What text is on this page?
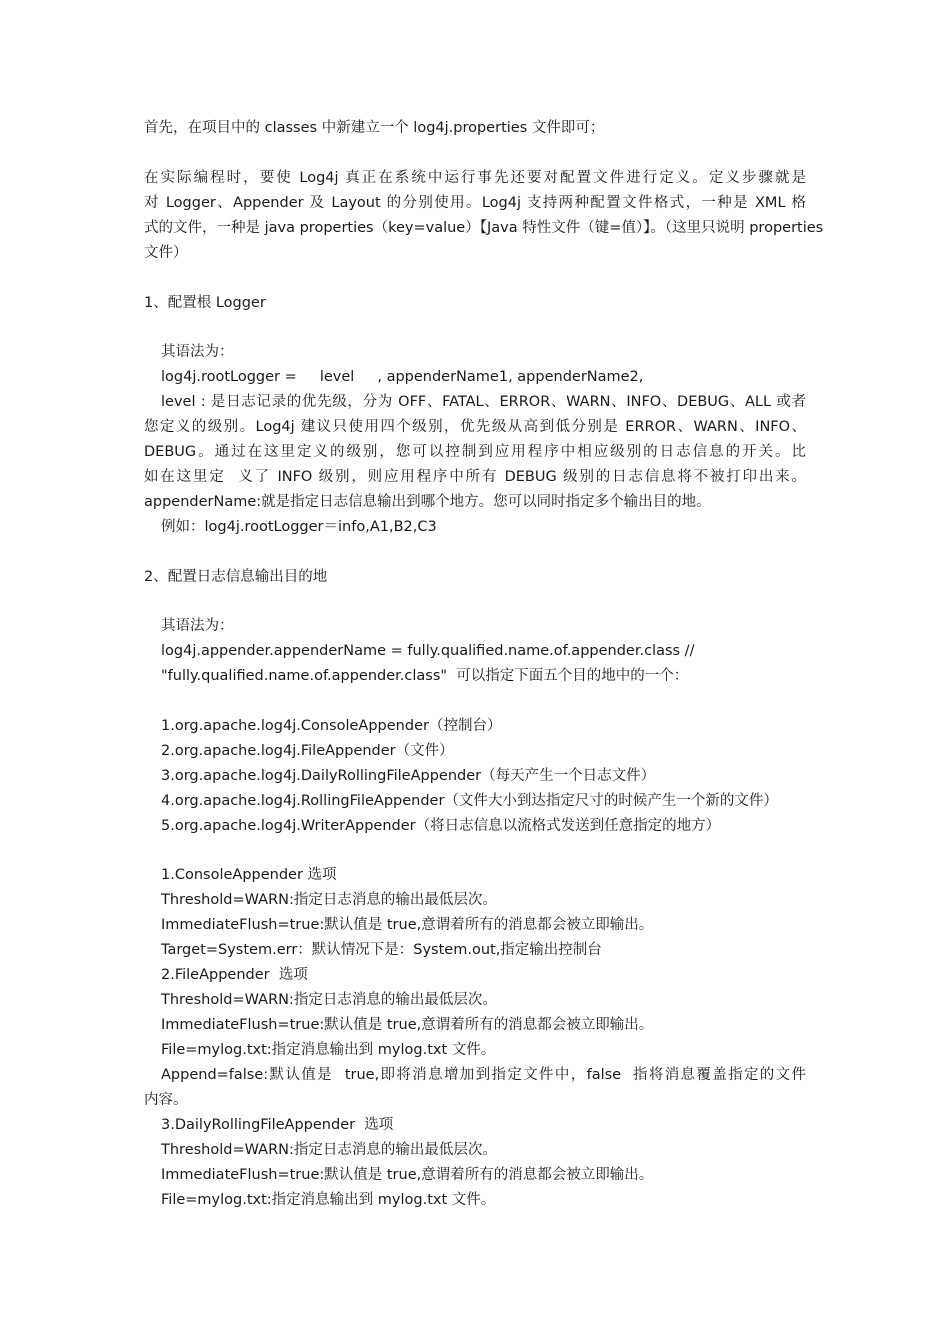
首先，在项目中的 classes 中新建立一个 log4j.properties 文件即可；
在实际编程时，要使 Log4j 真正在系统中运行事先还要对配置文件进行定义。定义步骤就是
对 Logger、Appender 及 Layout 的分别使用。Log4j 支持两种配置文件格式，一种是 XML 格
式的文件，一种是 java properties（key=value）【Java 特性文件（键=值）】。（这里只说明 properties
文件）
1、配置根 Logger
其语法为：
log4j.rootLogger =     level     , appenderName1, appenderName2,
level : 是日志记录的优先级，分为 OFF、FATAL、ERROR、WARN、INFO、DEBUG、ALL 或者
您定义的级别。Log4j 建议只使用四个级别，优先级从高到低分别是 ERROR、WARN、INFO、
DEBUG。通过在这里定义的级别，您可以控制到应用程序中相应级别的日志信息的开关。比
如在这里定  义了 INFO 级别，则应用程序中所有 DEBUG 级别的日志信息将不被打印出来。
appenderName:就是指定日志信息输出到哪个地方。您可以同时指定多个输出目的地。
例如：log4j.rootLogger＝info,A1,B2,C3
2、配置日志信息输出目的地
其语法为：
log4j.appender.appenderName = fully.qualified.name.of.appender.class //
"fully.qualified.name.of.appender.class"  可以指定下面五个目的地中的一个：
1.org.apache.log4j.ConsoleAppender（控制台）
2.org.apache.log4j.FileAppender（文件）
3.org.apache.log4j.DailyRollingFileAppender（每天产生一个日志文件）
4.org.apache.log4j.RollingFileAppender（文件大小到达指定尺寸的时候产生一个新的文件）
5.org.apache.log4j.WriterAppender（将日志信息以流格式发送到任意指定的地方）
1.ConsoleAppender 选项
Threshold=WARN:指定日志消息的输出最低层次。
ImmediateFlush=true:默认值是 true,意谓着所有的消息都会被立即输出。
Target=System.err：默认情况下是：System.out,指定输出控制台
2.FileAppender  选项
Threshold=WARN:指定日志消息的输出最低层次。
ImmediateFlush=true:默认值是 true,意谓着所有的消息都会被立即输出。
File=mylog.txt:指定消息输出到 mylog.txt 文件。
Append=false:默认值是  true,即将消息增加到指定文件中，false  指将消息覆盖指定的文件
内容。
3.DailyRollingFileAppender  选项
Threshold=WARN:指定日志消息的输出最低层次。
ImmediateFlush=true:默认值是 true,意谓着所有的消息都会被立即输出。
File=mylog.txt:指定消息输出到 mylog.txt 文件。
